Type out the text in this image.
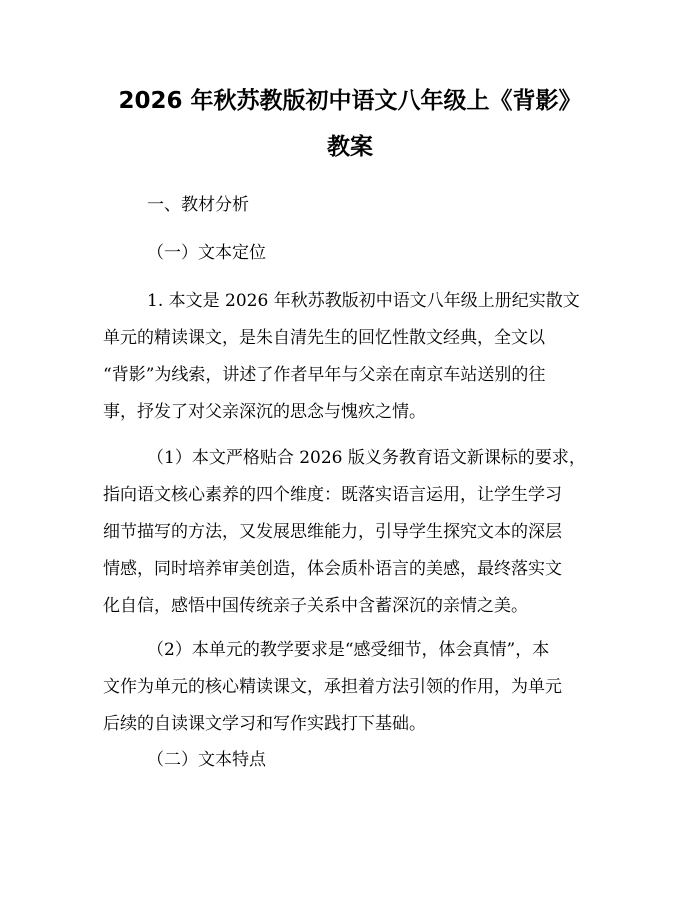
2026 年秋苏教版初中语文八年级上《背影》
教案
一、教材分析
（一）文本定位
1. 本文是 2026 年秋苏教版初中语文八年级上册纪实散文
单元的精读课文，是朱自清先生的回忆性散文经典，全文以
“背影”为线索，讲述了作者早年与父亲在南京车站送别的往
事，抒发了对父亲深沉的思念与愧疚之情。
（1）本文严格贴合 2026 版义务教育语文新课标的要求，
指向语文核心素养的四个维度：既落实语言运用，让学生学习
细节描写的方法，又发展思维能力，引导学生探究文本的深层
情感，同时培养审美创造，体会质朴语言的美感，最终落实文
化自信，感悟中国传统亲子关系中含蓄深沉的亲情之美。
（2）本单元的教学要求是“感受细节，体会真情”，本
文作为单元的核心精读课文，承担着方法引领的作用，为单元
后续的自读课文学习和写作实践打下基础。
（二）文本特点
